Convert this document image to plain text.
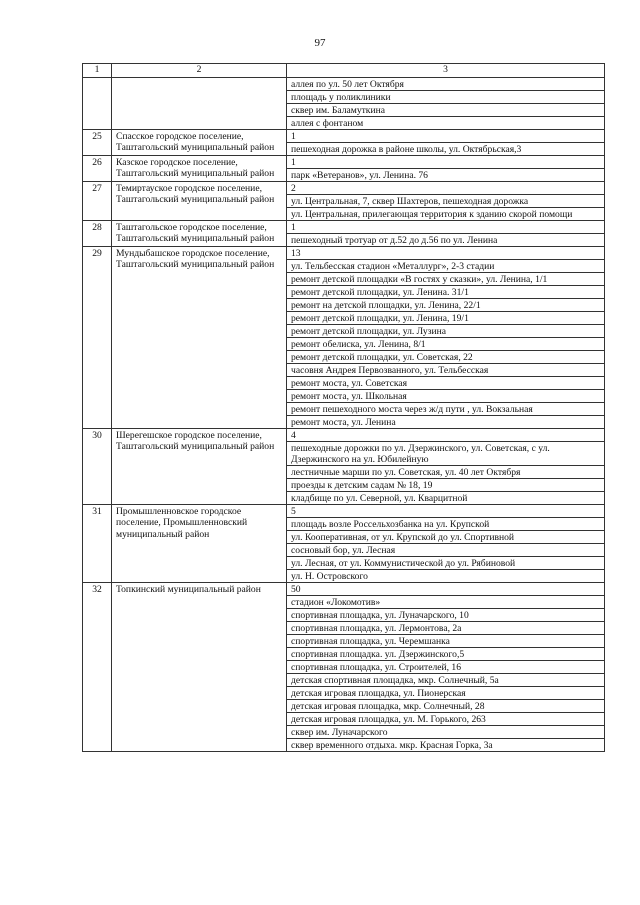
97
1	2	3
		аллея по ул. 50 лет Октября
		площадь у поликлиники
		сквер им. Баламуткина
		аллея с фонтаном
25	Спасское городское поселение, Таштагольский муниципальный район	1
		пешеходная дорожка в районе школы, ул. Октябрьская,3
26	Казское городское поселение, Таштагольский муниципальный район	1
		парк «Ветеранов», ул. Ленина. 76
27	Темиртауское городское поселение, Таштагольский муниципальный район	2
		ул. Центральная, 7, сквер Шахтеров, пешеходная дорожка
		ул. Центральная, прилегающая территория к зданию скорой помощи
28	Таштагольское городское поселение, Таштагольский муниципальный район	1
		пешеходный тротуар от д.52 до д.56 по ул. Ленина
29	Мундыбашское городское поселение, Таштагольский муниципальный район	13
		ул. Тельбесская стадион «Металлург», 2-3 стадии
		ремонт детской площадки «В гостях у сказки», ул. Ленина, 1/1
		ремонт детской площадки, ул. Ленина. 31/1
		ремонт на детской площадки, ул. Ленина, 22/1
		ремонт детской площадки, ул. Ленина, 19/1
		ремонт детской площадки, ул. Лузина
		ремонт обелиска, ул. Ленина, 8/1
		ремонт детской площадки, ул. Советская, 22
		часовня Андрея Первозванного, ул. Тельбесская
		ремонт моста, ул. Советская
		ремонт моста, ул. Школьная
		ремонт пешеходного моста через ж/д пути , ул. Вокзальная
		ремонт моста, ул. Ленина
30	Шерегешское городское поселение, Таштагольский муниципальный район	4
		пешеходные дорожки по ул. Дзержинского, ул. Советская, с ул. Дзержинского на ул. Юбилейную
		лестничные марши по ул. Советская, ул. 40 лет Октября
		проезды к детским садам № 18, 19
		кладбище по ул. Северной, ул. Кварцитной
31	Промышленновское городское поселение, Промышленновский муниципальный район	5
		площадь возле Россельхозбанка на ул. Крупской
		ул. Кооперативная, от ул. Крупской до ул. Спортивной
		сосновый бор, ул. Лесная
		ул. Лесная, от ул. Коммунистической до ул. Рябиновой
		ул. Н. Островского
32	Топкинский муниципальный район	50
		стадион «Локомотив»
		спортивная площадка, ул. Луначарского, 10
		спортивная площадка, ул. Лермонтова, 2а
		спортивная площадка, ул. Черемшанка
		спортивная площадка. ул. Дзержинского,5
		спортивная площадка, ул. Строителей, 16
		детская спортивная площадка, мкр. Солнечный, 5а
		детская игровая площадка, ул. Пионерская
		детская игровая площадка, мкр. Солнечный, 28
		детская игровая площадка, ул. М. Горького, 263
		сквер им. Луначарского
		сквер временного отдыха. мкр. Красная Горка, 3а
